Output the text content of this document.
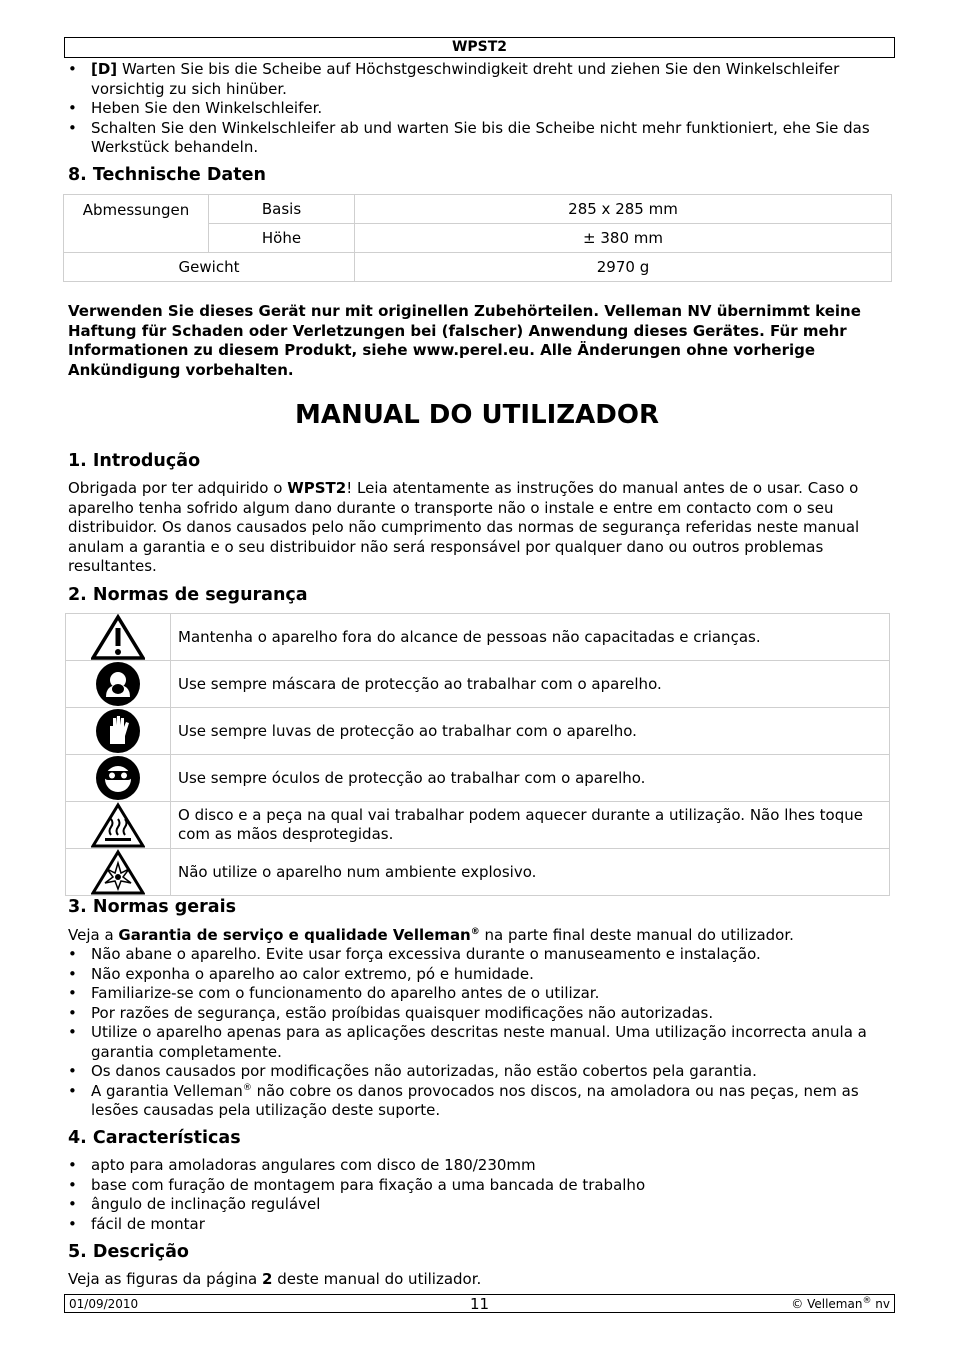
WPST2
• [D] Warten Sie bis die Scheibe auf Höchstgeschwindigkeit dreht und ziehen Sie den Winkelschleifer vorsichtig zu sich hinüber.
• Heben Sie den Winkelschleifer.
• Schalten Sie den Winkelschleifer ab und warten Sie bis die Scheibe nicht mehr funktioniert, ehe Sie das Werkstück behandeln.
8. Technische Daten
Abmessungen	Basis	285 x 285 mm
	Höhe	± 380 mm
Gewicht		2970 g

Verwenden Sie dieses Gerät nur mit originellen Zubehörteilen. Velleman NV übernimmt keine Haftung für Schaden oder Verletzungen bei (falscher) Anwendung dieses Gerätes. Für mehr Informationen zu diesem Produkt, siehe www.perel.eu. Alle Änderungen ohne vorherige Ankündigung vorbehalten.

MANUAL DO UTILIZADOR
1. Introdução

Obrigada por ter adquirido o WPST2! Leia atentamente as instruções do manual antes de o usar. Caso o aparelho tenha sofrido algum dano durante o transporte não o instale e entre em contacto com o seu distribuidor. Os danos causados pelo não cumprimento das normas de segurança referidas neste manual anulam a garantia e o seu distribuidor não será responsável por qualquer dano ou outros problemas resultantes.

2. Normas de segurança
	Mantenha o aparelho fora do alcance de pessoas não capacitadas e crianças.

	Use sempre máscara de protecção ao trabalhar com o aparelho.

	Use sempre luvas de protecção ao trabalhar com o aparelho.

	Use sempre óculos de protecção ao trabalhar com o aparelho.

	O disco e a peça na qual vai trabalhar podem aquecer durante a utilização. Não lhes toque com as mãos desprotegidas.

	Não utilize o aparelho num ambiente explosivo.
3. Normas gerais

Veja a Garantia de serviço e qualidade Velleman® na parte final deste manual do utilizador.

• Não abane o aparelho. Evite usar força excessiva durante o manuseamento e instalação.
• Não exponha o aparelho ao calor extremo, pó e humidade.
• Familiarize-se com o funcionamento do aparelho antes de o utilizar.
• Por razões de segurança, estão proíbidas quaisquer modificações não autorizadas.
• Utilize o aparelho apenas para as aplicações descritas neste manual. Uma utilização incorrecta anula a garantia completamente.
• Os danos causados por modificações não autorizadas, não estão cobertos pela garantia.
• A garantia Velleman® não cobre os danos provocados nos discos, na amoladora ou nas peças, nem as lesões causadas pela utilização deste suporte.
4. Características
• apto para amoladoras angulares com disco de 180/230mm
• base com furação de montagem para fixação a uma bancada de trabalho
• ângulo de inclinação regulável
• fácil de montar
5. Descrição

Veja as figuras da página 2 deste manual do utilizador.

01/09/2010	11	© Velleman® nv
